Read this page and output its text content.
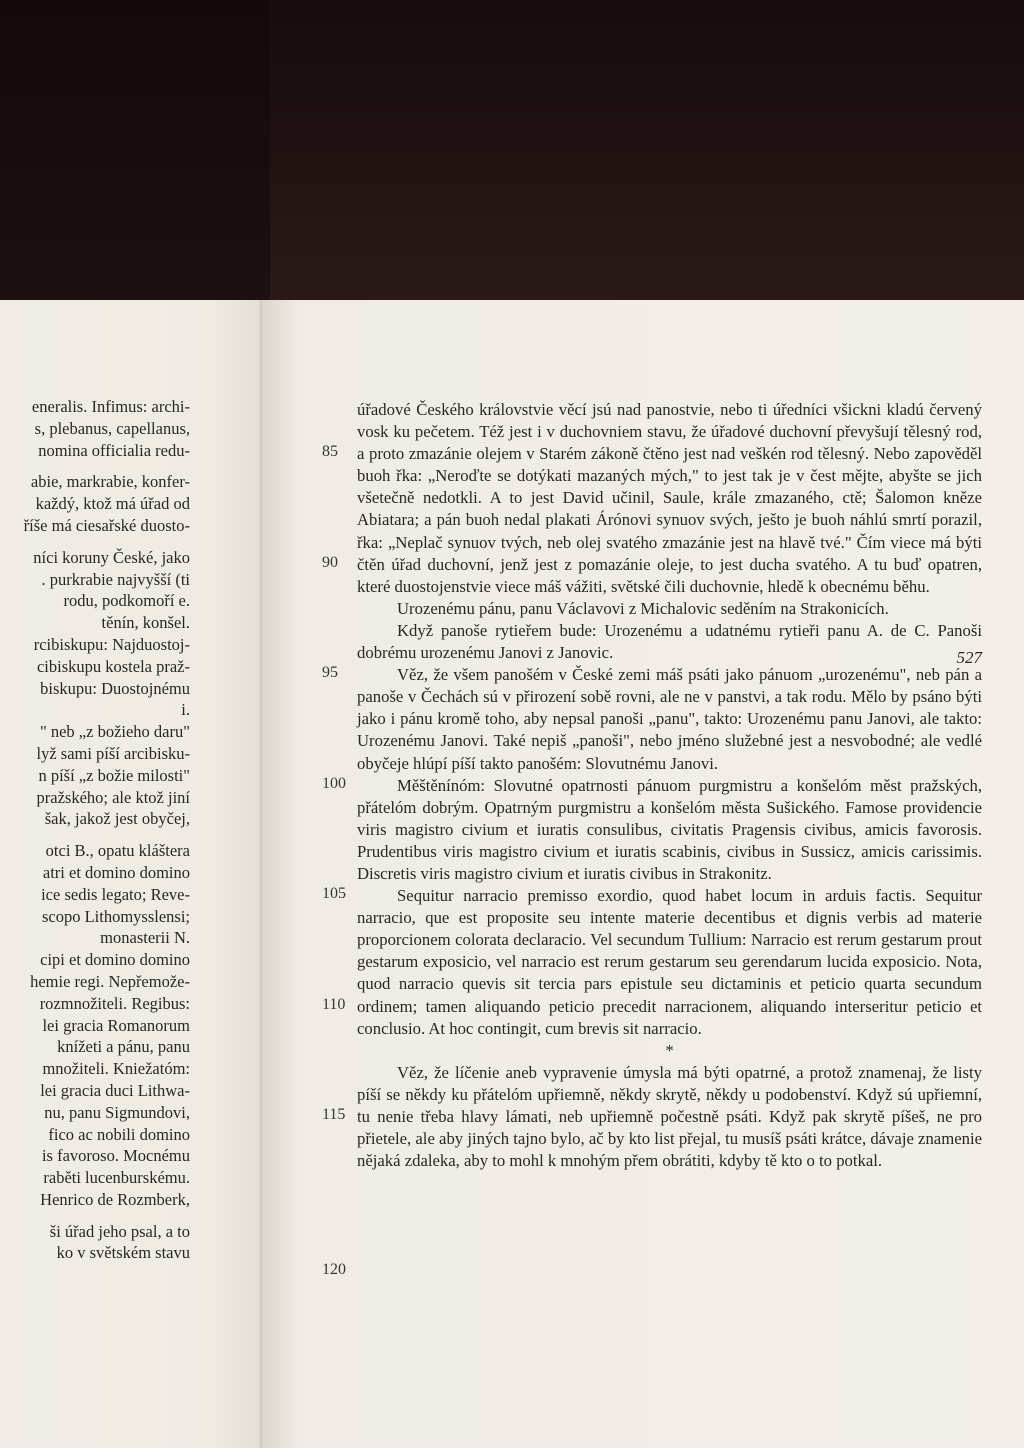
eneralis. Infimus: archi-
s, plebanus, capellanus,
nomina officialia redu-
abie, markrabie, konfer-
každý, ktož má úřad od
říše má ciesařské duosto-
níci koruny České, jako
. purkrabie najvyšší (ti
rodu, podkomoří e.
těnín, konšel.
rcibiskupu: Najduostoj-
cibiskupu kostela praž-
biskupu: Duostojnému
i.
" neb „z božieho daru"
lyž sami píší arcibisku-
n píší „z božie milosti"
pražského; ale ktož jiní
šak, jakož jest obyčej,
otci B., opatu kláštera
atri et domino domino
ice sedis legato; Reve-
scopo Lithomysslensi;
monasterii N.
cipi et domino domino
hemie regi. Nepřemože-
rozmnožiteli. Regibus:
lei gracia Romanorum
knížeti a pánu, panu
množiteli. Kniežatóm:
lei gracia duci Lithwa-
nu, panu Sigmundovi,
fico ac nobili domino
is favoroso. Mocnému
raběti lucenburskému.
Henrico de Rozmberk,
ši úřad jeho psal, a to
ko v světském stavu
85
90
95
100
105
110
115
120

úřadové Českého královstvie věcí jsú nad panostvie, nebo ti úředníci všickni kladú červený vosk ku pečetem. Též jest i v duchovniem stavu, že úřadové duchovní převyšují tělesný rod, a proto zmazánie olejem v Starém zákoně čtěno jest nad veškén rod tělesný. Nebo zapověděl buoh řka: „Neroďte se dotýkati mazaných mých," to jest tak je v čest mějte, abyšte se jich všetečně nedotkli. A to jest David učinil, Saule, krále zmazaného, ctě; Šalomon kněze Abiatara; a pán buoh nedal plakati Árónovi synuov svých, ješto je buoh náhlú smrtí porazil, řka: „Neplač synuov tvých, neb olej svatého zmazánie jest na hlavě tvé." Čím viece má býti čtěn úřad duchovní, jenž jest z pomazánie oleje, to jest ducha svatého. A tu buď opatren, které duostojenstvie viece máš vážiti, světské čili duchovnie, hledě k obecnému běhu.

Urozenému pánu, panu Václavovi z Michalovic seděním na Strakonicích.

Když panoše rytieřem bude: Urozenému a udatnému rytieři panu A. de C. Panoši dobrému urozenému Janovi z Janovic.

Věz, že všem panošém v České zemi máš psáti jako pánuom „urozenému", neb pán a panoše v Čechách sú v přirození sobě rovni, ale ne v panstvi, a tak rodu. Mělo by psáno býti jako i pánu kromě toho, aby nepsal panoši „panu", takto: Urozenému panu Janovi, ale takto: Urozenému Janovi. Také nepiš „panoši", nebo jméno služebné jest a nesvobodné; ale vedlé obyčeje hlúpí píší takto panošém: Slovutnému Janovi.

Měštěnínóm: Slovutné opatrnosti pánuom purgmistru a konšelóm měst pražských, přátelóm dobrým. Opatrným purgmistru a konšelóm města Sušického. Famose providencie viris magistro civium et iuratis consulibus, civitatis Pragensis civibus, amicis favorosis. Prudentibus viris magistro civium et iuratis scabinis, civibus in Sussicz, amicis carissimis. Discretis viris magistro civium et iuratis civibus in Strakonitz.

Sequitur narracio premisso exordio, quod habet locum in arduis factis. Sequitur narracio, que est proposite seu intente materie decentibus et dignis verbis ad materie proporcionem colorata declaracio. Vel secundum Tullium: Narracio est rerum gestarum prout gestarum exposicio, vel narracio est rerum gestarum seu gerendarum lucida exposicio. Nota, quod narracio quevis sit tercia pars epistule seu dictaminis et peticio quarta secundum ordinem; tamen aliquando peticio precedit narracionem, aliquando interseritur peticio et conclusio. At hoc contingit, cum brevis sit narracio.

*

Věz, že líčenie aneb vypravenie úmysla má býti opatrné, a protož znamenaj, že listy píší se někdy ku přátelóm upřiemně, někdy skrytě, někdy u podobenství. Když sú upřiemní, tu nenie třeba hlavy lámati, neb upřiemně počestně psáti. Když pak skrytě píšeš, ne pro přietele, ale aby jiných tajno bylo, ač by kto list přejal, tu musíš psáti krátce, dávaje znamenie nějaká zdaleka, aby to mohl k mnohým přem obrátiti, kdyby tě kto o to potkal.

527
